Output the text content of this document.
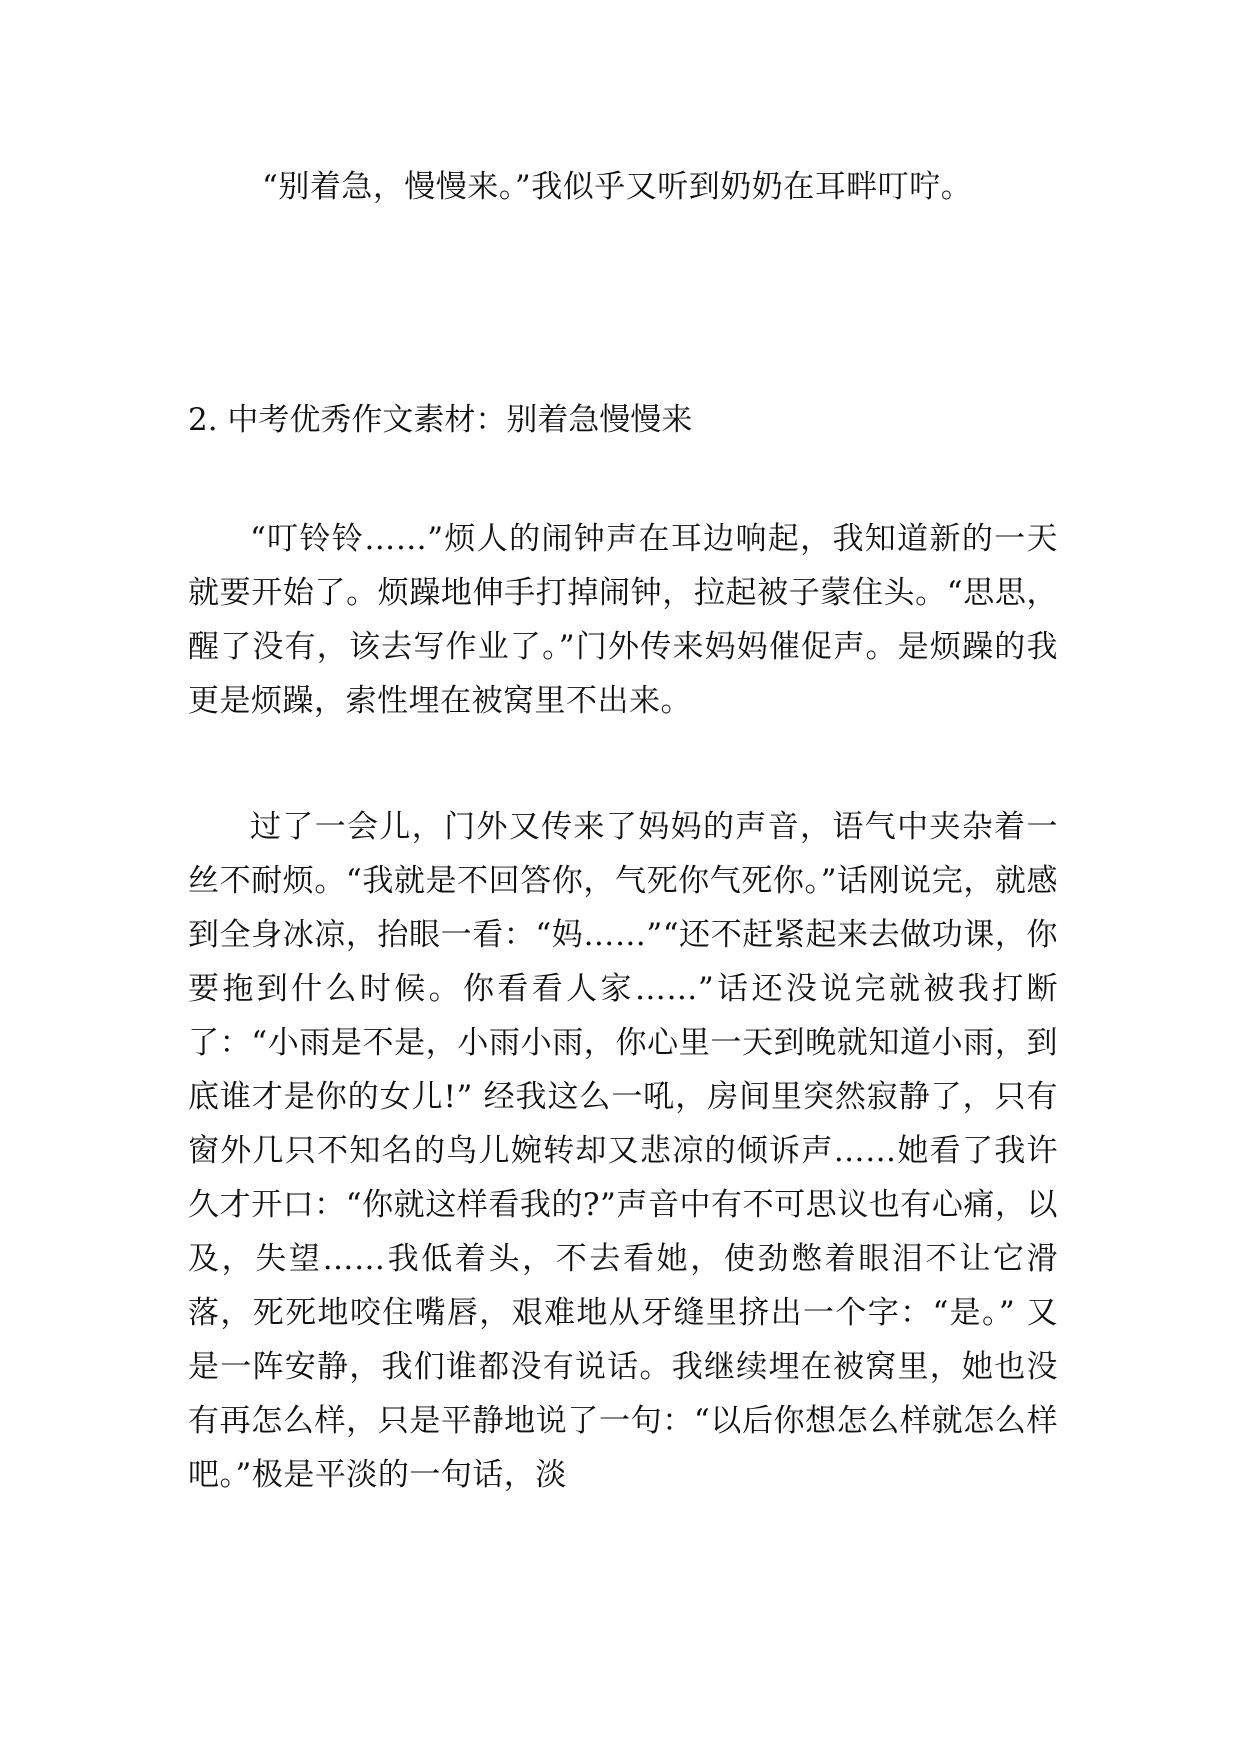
“别着急，慢慢来。”我似乎又听到奶奶在耳畔叮咛。
2. 中考优秀作文素材：别着急慢慢来
“叮铃铃……”烦人的闹钟声在耳边响起，我知道新的一天就要开始了。烦躁地伸手打掉闹钟，拉起被子蒙住头。“思思，醒了没有，该去写作业了。”门外传来妈妈催促声。是烦躁的我更是烦躁，索性埋在被窝里不出来。
过了一会儿，门外又传来了妈妈的声音，语气中夹杂着一丝不耐烦。“我就是不回答你，气死你气死你。”话刚说完，就感到全身冰凉，抬眼一看：“妈……”“还不赶紧起来去做功课，你要拖到什么时候。你看看人家……”话还没说完就被我打断了：“小雨是不是，小雨小雨，你心里一天到晚就知道小雨，到底谁才是你的女儿!” 经我这么一吼，房间里突然寂静了，只有窗外几只不知名的鸟儿婉转却又悲凉的倾诉声……她看了我许久才开口：“你就这样看我的?”声音中有不可思议也有心痛，以及，失望……我低着头，不去看她，使劲憋着眼泪不让它滑落，死死地咬住嘴唇，艰难地从牙缝里挤出一个字：“是。” 又是一阵安静，我们谁都没有说话。我继续埋在被窝里，她也没有再怎么样，只是平静地说了一句：“以后你想怎么样就怎么样吧。”极是平淡的一句话，淡
